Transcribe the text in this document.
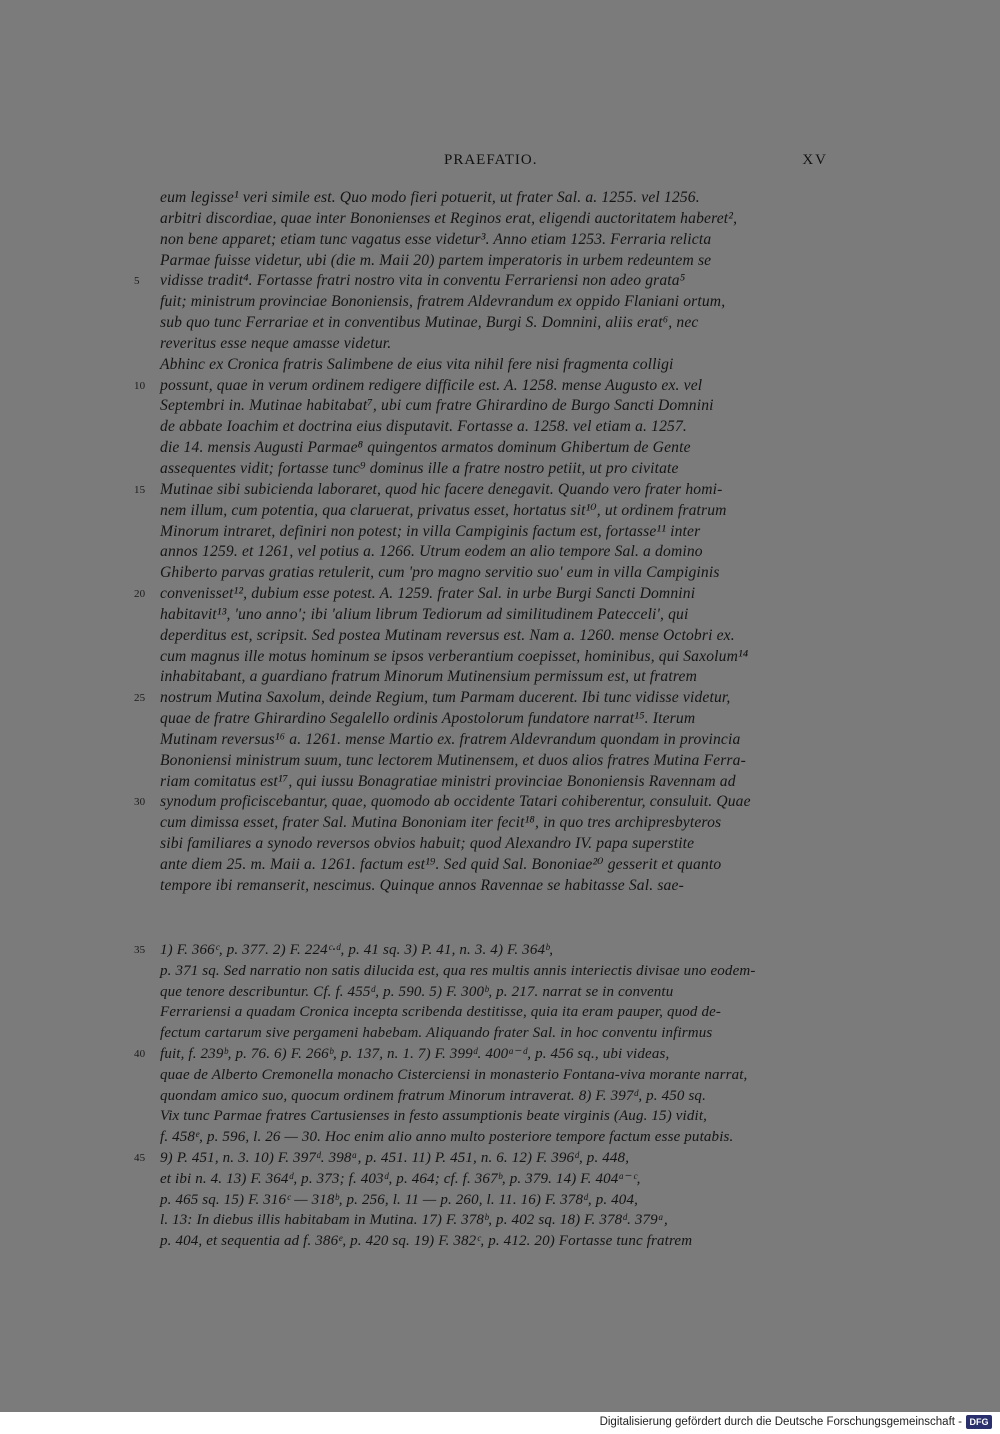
PRAEFATIO.	XV
eum legisse¹ veri simile est. Quo modo fieri potuerit, ut frater Sal. a. 1255. vel 1256.
arbitri discordiae, quae inter Bononienses et Reginos erat, eligendi auctoritatem haberet²,
non bene apparet; etiam tunc vagatus esse videtur³. Anno etiam 1253. Ferraria relicta
Parmae fuisse videtur, ubi (die m. Maii 20) partem imperatoris in urbem redeuntem se
5	vidisse tradit⁴. Fortasse fratri nostro vita in conventu Ferrariensi non adeo grata⁵
fuit; ministrum provinciae Bononiensis, fratrem Aldevrandum ex oppido Flaniani ortum,
sub quo tunc Ferrariae et in conventibus Mutinae, Burgi S. Domnini, aliis erat⁶, nec
reveritus esse neque amasse videtur.
Abhinc ex Cronica fratris Salimbene de eius vita nihil fere nisi fragmenta colligi
10 possunt, quae in verum ordinem redigere difficile est. A. 1258. mense Augusto ex. vel
Septembri in. Mutinae habitabat⁷, ubi cum fratre Ghirardino de Burgo Sancti Domnini
de abbate Ioachim et doctrina eius disputavit. Fortasse a. 1258. vel etiam a. 1257.
die 14. mensis Augusti Parmae⁸ quingentos armatos dominum Ghibertum de Gente
assequentes vidit; fortasse tunc⁹ dominus ille a fratre nostro petiit, ut pro civitate
15 Mutinae sibi subicienda laboraret, quod hic facere denegavit. Quando vero frater homi-
nem illum, cum potentia, qua claruerat, privatus esset, hortatus sit¹⁰, ut ordinem fratrum
Minorum intraret, definiri non potest; in villa Campiginis factum est, fortasse¹¹ inter
annos 1259. et 1261, vel potius a. 1266. Utrum eodem an alio tempore Sal. a domino
Ghiberto parvas gratias retulerit, cum 'pro magno servitio suo' eum in villa Campiginis
20 convenisset¹², dubium esse potest. A. 1259. frater Sal. in urbe Burgi Sancti Domnini
habitavit¹³, 'uno anno'; ibi 'alium librum Tediorum ad similitudinem Patecceli', qui
deperditus est, scripsit. Sed postea Mutinam reversus est. Nam a. 1260. mense Octobri ex.
cum magnus ille motus hominum se ipsos verberantium coepisset, hominibus, qui Saxolum¹⁴
inhabitabant, a guardiano fratrum Minorum Mutinensium permissum est, ut fratrem
25 nostrum Mutina Saxolum, deinde Regium, tum Parmam ducerent. Ibi tunc vidisse videtur,
quae de fratre Ghirardino Segalello ordinis Apostolorum fundatore narrat¹⁵. Iterum
Mutinam reversus¹⁶ a. 1261. mense Martio ex. fratrem Aldevrandum quondam in provincia
Bononiensi ministrum suum, tunc lectorem Mutinensem, et duos alios fratres Mutina Ferra-
riam comitatus est¹⁷, qui iussu Bonagratiae ministri provinciae Bononiensis Ravennam ad
30 synodum proficiscebantur, quae, quomodo ab occidente Tatari cohiberentur, consuluit. Quae
cum dimissa esset, frater Sal. Mutina Bononiam iter fecit¹⁸, in quo tres archipresbyteros
sibi familiares a synodo reversos obvios habuit; quod Alexandro IV. papa superstite
ante diem 25. m. Maii a. 1261. factum est¹⁹. Sed quid Sal. Bononiae²⁰ gesserit et quanto
tempore ibi remanserit, nescimus. Quinque annos Ravennae se habitasse Sal. sae-
35 1) F. 366ᶜ, p. 377. 2) F. 224ᶜ·ᵈ, p. 41 sq. 3) P. 41, n. 3. 4) F. 364ᵇ,
p. 371 sq. Sed narratio non satis dilucida est, qua res multis annis interiectis divisae uno eodem-
que tenore describuntur. Cf. f. 455ᵈ, p. 590. 5) F. 300ᵇ, p. 217. narrat se in conventu
Ferrariensi a quadam Cronica incepta scribenda destitisse, quia ita eram pauper, quod de-
fectum cartarum sive pergameni habebam. Aliquando frater Sal. in hoc conventu infirmus
40 fuit, f. 239ᵇ, p. 76. 6) F. 266ᵇ, p. 137, n. 1. 7) F. 399ᵈ. 400ᵃ⁻ᵈ, p. 456 sq., ubi videas,
quae de Alberto Cremonella monacho Cisterciensi in monasterio Fontana-viva morante narrat,
quondam amico suo, quocum ordinem fratrum Minorum intraverat. 8) F. 397ᵈ, p. 450 sq.
Vix tunc Parmae fratres Cartusienses in festo assumptionis beate virginis (Aug. 15) vidit,
f. 458ᵉ, p. 596, l. 26 — 30. Hoc enim alio anno multo posteriore tempore factum esse putabis.
45 9) P. 451, n. 3. 10) F. 397ᵈ. 398ᵃ, p. 451. 11) P. 451, n. 6. 12) F. 396ᵈ, p. 448,
et ibi n. 4. 13) F. 364ᵈ, p. 373; f. 403ᵈ, p. 464; cf. f. 367ᵇ, p. 379. 14) F. 404ᵃ⁻ᶜ,
p. 465 sq. 15) F. 316ᶜ — 318ᵇ, p. 256, l. 11 — p. 260, l. 11. 16) F. 378ᵈ, p. 404,
l. 13: In diebus illis habitabam in Mutina. 17) F. 378ᵇ, p. 402 sq. 18) F. 378ᵈ. 379ᵃ,
p. 404, et sequentia ad f. 386ᵉ, p. 420 sq. 19) F. 382ᶜ, p. 412. 20) Fortasse tunc fratrem
Digitalisierung gefördert durch die Deutsche Forschungsgemeinschaft - DFG
